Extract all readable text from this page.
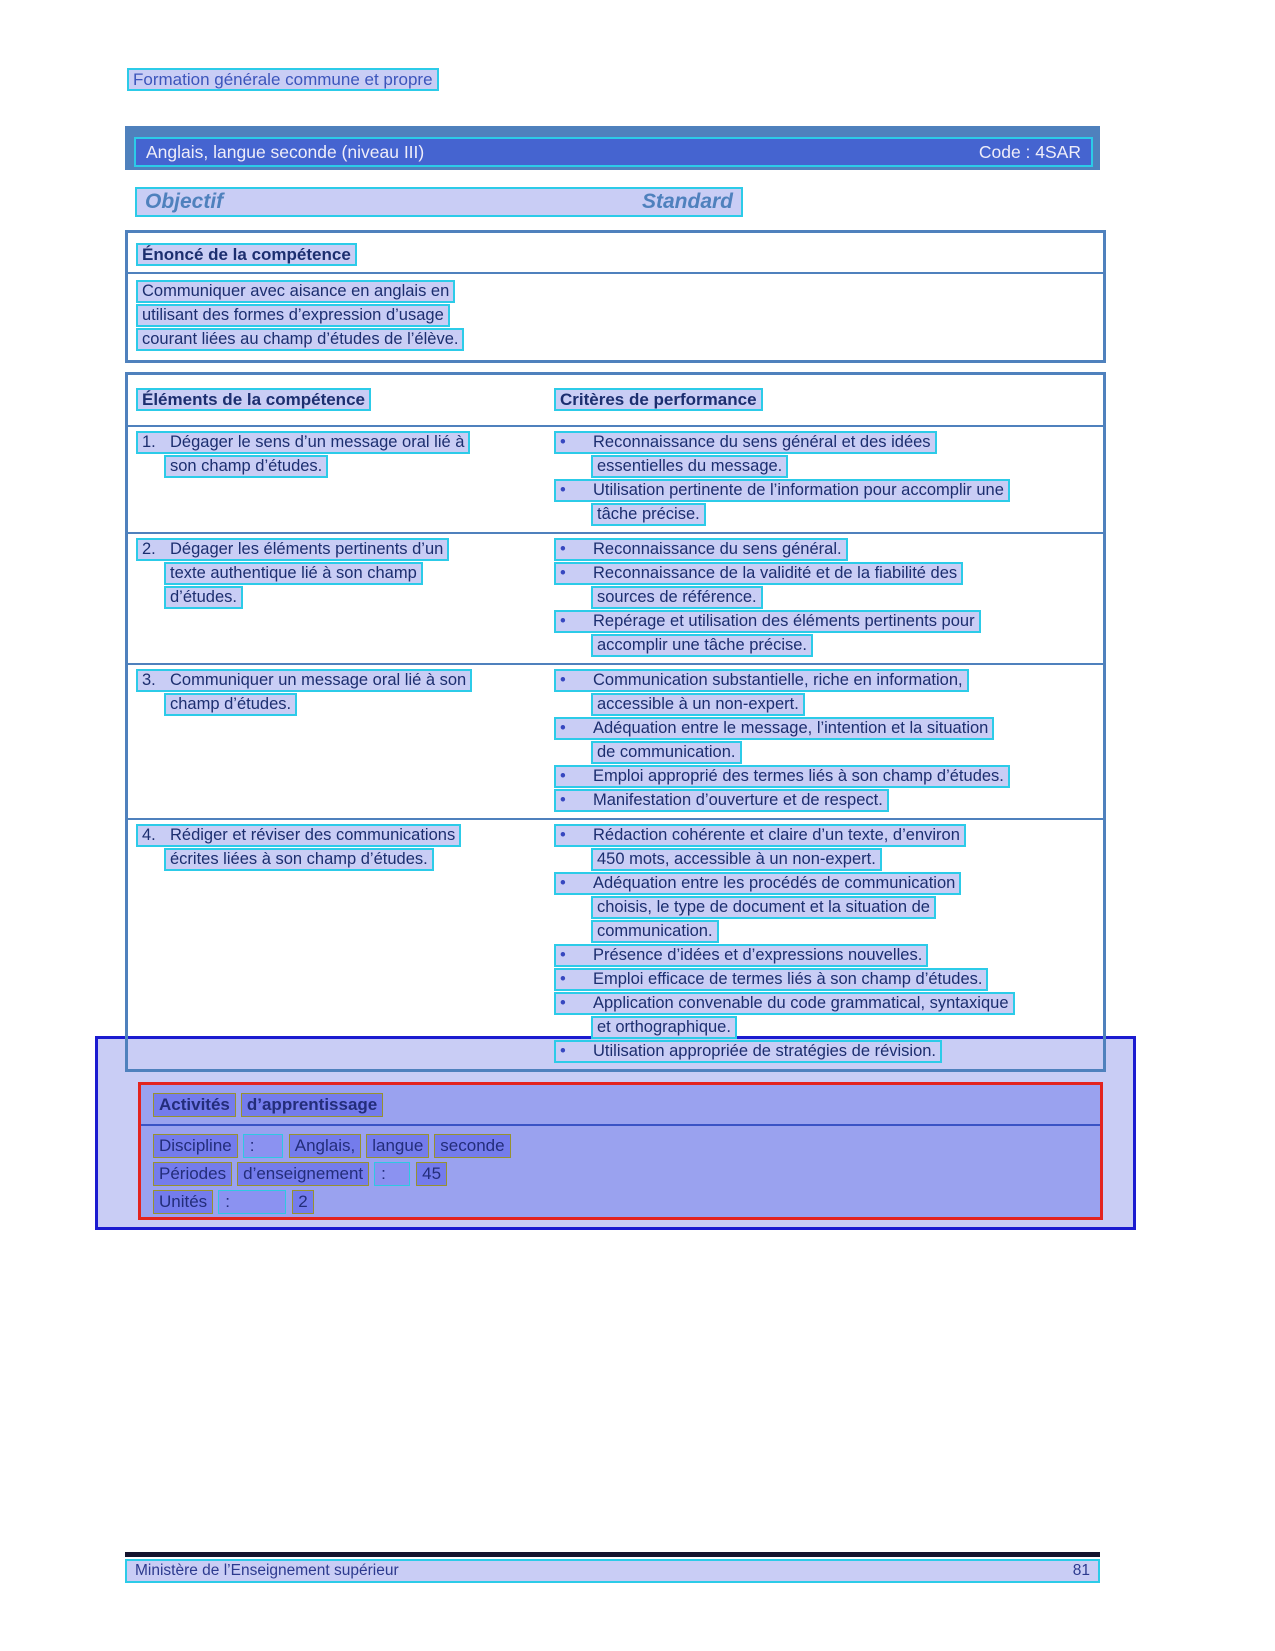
Formation générale commune et propre
Anglais, langue seconde (niveau III)	Code : 4SAR
Objectif	Standard
Énoncé de la compétence
Communiquer avec aisance en anglais en
utilisant des formes d’expression d’usage
courant liées au champ d’études de l’élève.
Éléments de la compétence	Critères de performance
1. Dégager le sens d’un message oral lié à
son champ d’études.
• Reconnaissance du sens général et des idées
essentielles du message.
• Utilisation pertinente de l’information pour accomplir une
tâche précise.
2. Dégager les éléments pertinents d’un
texte authentique lié à son champ
d’études.
• Reconnaissance du sens général.
• Reconnaissance de la validité et de la fiabilité des
sources de référence.
• Repérage et utilisation des éléments pertinents pour
accomplir une tâche précise.
3. Communiquer un message oral lié à son
champ d’études.
• Communication substantielle, riche en information,
accessible à un non-expert.
• Adéquation entre le message, l’intention et la situation
de communication.
• Emploi approprié des termes liés à son champ d’études.
• Manifestation d’ouverture et de respect.
4. Rédiger et réviser des communications
écrites liées à son champ d’études.
• Rédaction cohérente et claire d’un texte, d’environ
450 mots, accessible à un non-expert.
• Adéquation entre les procédés de communication
choisis, le type de document et la situation de
communication.
• Présence d’idées et d’expressions nouvelles.
• Emploi efficace de termes liés à son champ d’études.
• Application convenable du code grammatical, syntaxique
et orthographique.
• Utilisation appropriée de stratégies de révision.
Activités	d’apprentissage
Discipline	:	Anglais,	langue	seconde
Périodes	d’enseignement	:	45
Unités	:	2
Ministère de l’Enseignement supérieur	81
